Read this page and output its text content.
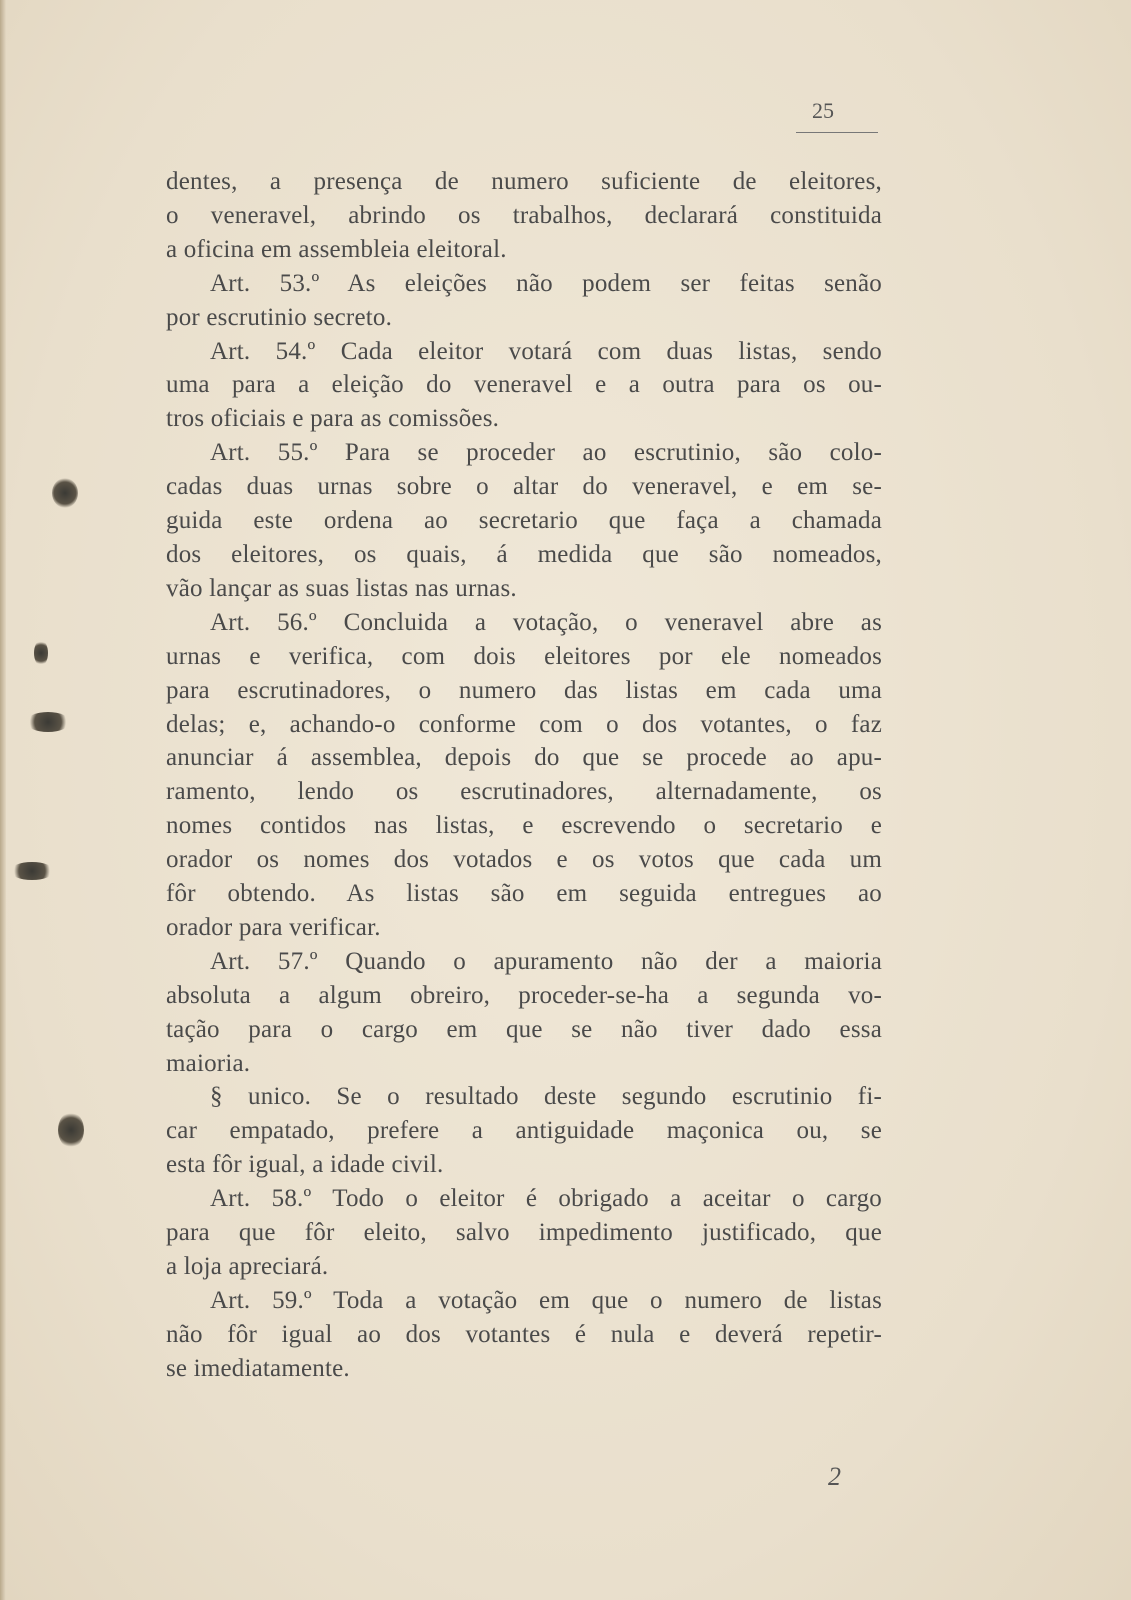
25
dentes, a presença de numero suficiente de eleitores,
o veneravel, abrindo os trabalhos, declarará constituida
a oficina em assembleia eleitoral.
Art. 53.º As eleições não podem ser feitas senão
por escrutinio secreto.
Art. 54.º Cada eleitor votará com duas listas, sendo
uma para a eleição do veneravel e a outra para os ou-
tros oficiais e para as comissões.
Art. 55.º Para se proceder ao escrutinio, são colo-
cadas duas urnas sobre o altar do veneravel, e em se-
guida este ordena ao secretario que faça a chamada
dos eleitores, os quais, á medida que são nomeados,
vão lançar as suas listas nas urnas.
Art. 56.º Concluida a votação, o veneravel abre as
urnas e verifica, com dois eleitores por ele nomeados
para escrutinadores, o numero das listas em cada uma
delas; e, achando-o conforme com o dos votantes, o faz
anunciar á assemblea, depois do que se procede ao apu-
ramento, lendo os escrutinadores, alternadamente, os
nomes contidos nas listas, e escrevendo o secretario e
orador os nomes dos votados e os votos que cada um
fôr obtendo. As listas são em seguida entregues ao
orador para verificar.
Art. 57.º Quando o apuramento não der a maioria
absoluta a algum obreiro, proceder-se-ha a segunda vo-
tação para o cargo em que se não tiver dado essa
maioria.
§ unico. Se o resultado deste segundo escrutinio fi-
car empatado, prefere a antiguidade maçonica ou, se
esta fôr igual, a idade civil.
Art. 58.º Todo o eleitor é obrigado a aceitar o cargo
para que fôr eleito, salvo impedimento justificado, que
a loja apreciará.
Art. 59.º Toda a votação em que o numero de listas
não fôr igual ao dos votantes é nula e deverá repetir-
se imediatamente.
2
